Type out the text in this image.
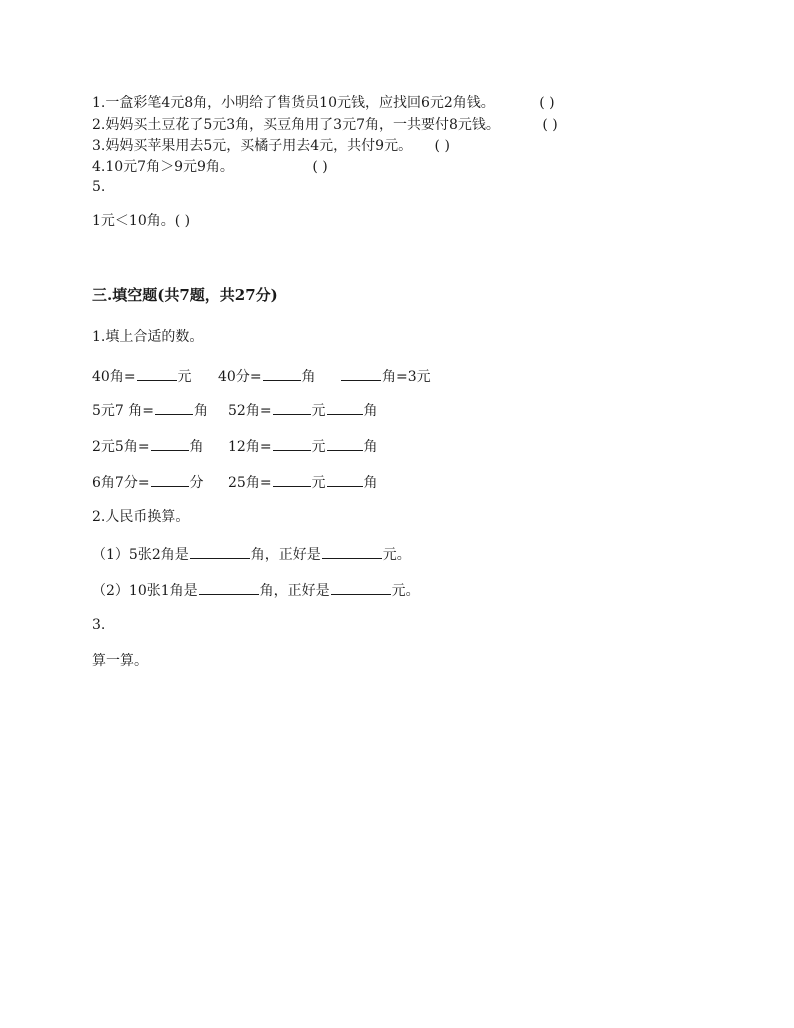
1.一盒彩笔4元8角，小明给了售货员10元钱，应找回6元2角钱。	( )
2.妈妈买土豆花了5元3角，买豆角用了3元7角，一共要付8元钱。	( )
3.妈妈买苹果用去5元，买橘子用去4元，共付9元。 ( )
4.10元7角＞9元9角。	( )
5.
1元＜10角。( )
三.填空题(共7题，共27分)
1.填上合适的数。
40角=	元 40分=	角	角=3元
5元7 角=	角 52角=	元	角
2元5角=	角 12角=	元	角
6角7分=	分 25角=	元	角
2.人民币换算。
（1）5张2角是	角，正好是	元。
（2）10张1角是	角，正好是	元。
3.
算一算。
